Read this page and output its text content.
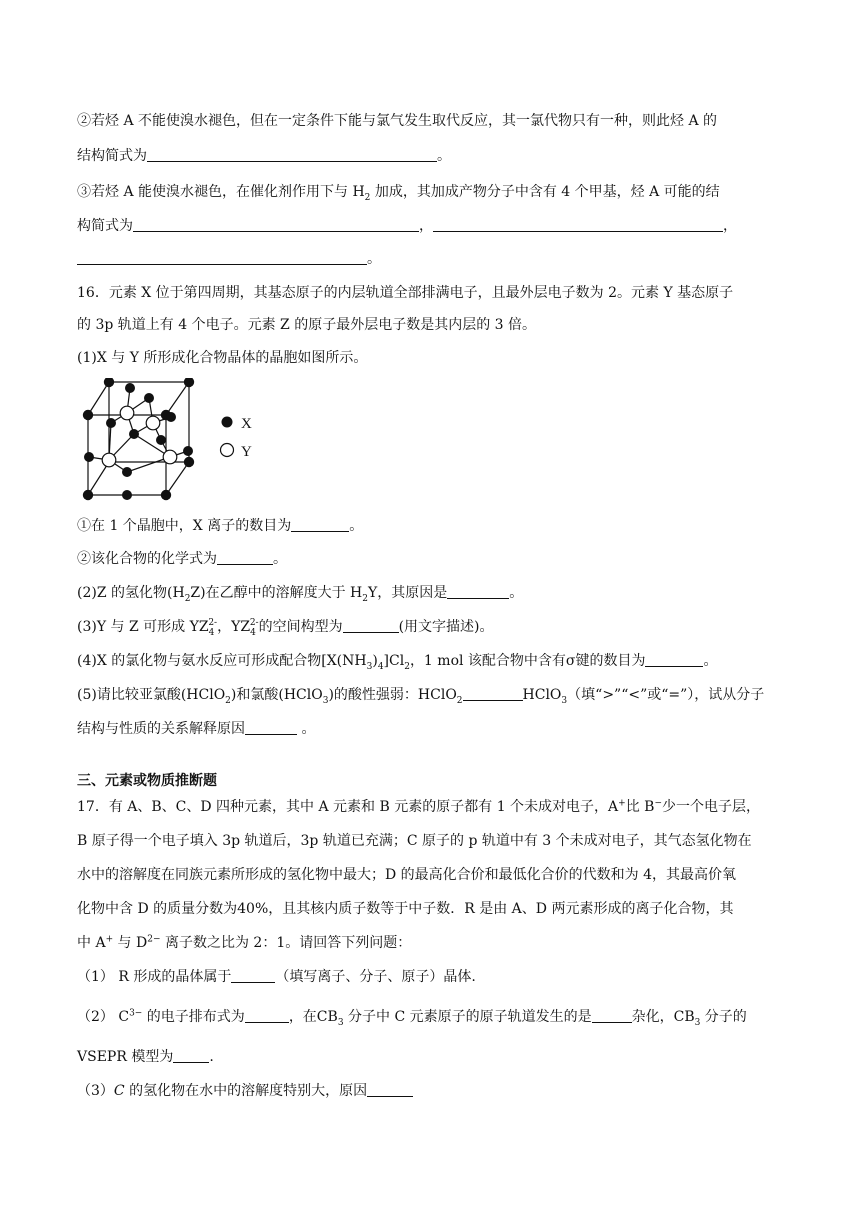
②若烃 A 不能使溴水褪色，但在一定条件下能与氯气发生取代反应，其一氯代物只有一种，则此烃 A 的
结构简式为	。
③若烃 A 能使溴水褪色，在催化剂作用下与 $H_2$ 加成，其加成产物分子中含有 4 个甲基，烃 A 可能的结
构简式为	，	，
。
16．元素 X 位于第四周期，其基态原子的内层轨道全部排满电子，且最外层电子数为 2。元素 Y 基态原子
的 3p 轨道上有 4 个电子。元素 Z 的原子最外层电子数是其内层的 3 倍。
(1)X 与 Y 所形成化合物晶体的晶胞如图所示。
X
Y
①在 1 个晶胞中，X 离子的数目为	。
②该化合物的化学式为	。
(2)Z 的氢化物$(H_2Z)$在乙醇中的溶解度大于 $H_2Y$，其原因是	。
(3)Y 与 Z 可形成 $YZ_4^{2-}$，$YZ_4^{2-}$的空间构型为	(用文字描述)。
(4)X 的氯化物与氨水反应可形成配合物$[X(NH_3)_4]Cl_2$，1 mol 该配合物中含有σ键的数目为	。
(5)请比较亚氯酸(HClO$_2$)和氯酸(HClO$_3$)的酸性强弱：HClO$_2$	HClO$_3$（填“>”“<”或“=”），试从分子
结构与性质的关系解释原因	。
三、元素或物质推断题
17．有 A、B、C、D 四种元素，其中 A 元素和 B 元素的原子都有 1 个未成对电子，A+比 B−少一个电子层，
B 原子得一个电子填入 3p 轨道后，3p 轨道已充满；C 原子的 p 轨道中有 3 个未成对电子，其气态氢化物在
水中的溶解度在同族元素所形成的氢化物中最大；D 的最高化合价和最低化合价的代数和为 4，其最高价氧
化物中含 D 的质量分数为40%，且其核内质子数等于中子数．R 是由 A、D 两元素形成的离子化合物，其
中 A+ 与 $D^{2-}$ 离子数之比为 2：1。请回答下列问题：
（1） R 形成的晶体属于	（填写离子、分子、原子）晶体.
（2） $C^{3-}$ 的电子排布式为	，在$CB_3$ 分子中 C 元素原子的原子轨道发生的是	杂化，$CB_3$ 分子的
VSEPR 模型为	.
（3）C 的氢化物在水中的溶解度特别大，原因
